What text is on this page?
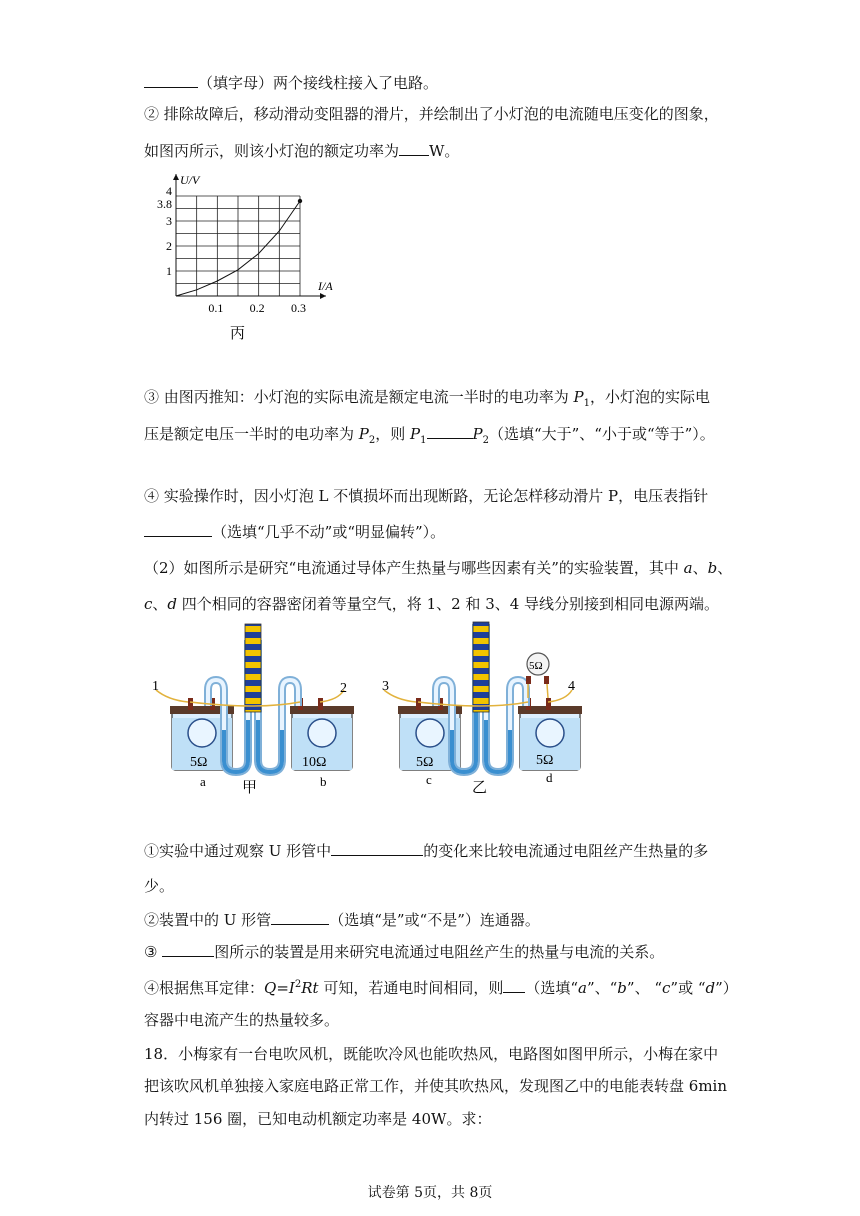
（填字母）两个接线柱接入了电路。
② 排除故障后，移动滑动变阻器的滑片，并绘制出了小灯泡的电流随电压变化的图象，
如图丙所示，则该小灯泡的额定功率为 W。
U/V
I/A
0.1 0.2 0.3
1
2
3
3.8
4
丙
③ 由图丙推知：小灯泡的实际电流是额定电流一半时的电功率为 $P_1$，小灯泡的实际电
压是额定电压一半时的电功率为 $P_2$，则 $P_1$	$P_2$（选填“大于”、“小于或“等于”）。
④ 实验操作时，因小灯泡 L 不慎损坏而出现断路，无论怎样移动滑片 P，电压表指针
（选填“几乎不动”或“明显偏转”）。
（2）如图所示是研究“电流通过导体产生热量与哪些因素有关”的实验装置，其中 a、b、
c、d 四个相同的容器密闭着等量空气，将 1、2 和 3、4 导线分别接到相同电源两端。
1	2
5Ω	10Ω
a	b
甲
5Ω
3	4
5Ω	5Ω
c	d
乙
①实验中通过观察 U 形管中	的变化来比较电流通过电阻丝产生热量的多
少。
②装置中的 U 形管	（选填“是”或“不是”）连通器。
③	图所示的装置是用来研究电流通过电阻丝产生的热量与电流的关系。
④根据焦耳定律：$Q=I^2Rt$ 可知，若通电时间相同，则 （选填“a”、“b”、 “c”或 “d”）
容器中电流产生的热量较多。
18．小梅家有一台电吹风机，既能吹冷风也能吹热风，电路图如图甲所示，小梅在家中
把该吹风机单独接入家庭电路正常工作，并使其吹热风，发现图乙中的电能表转盘 6min
内转过 156 圈，已知电动机额定功率是 40W。求：
试卷第 5页，共 8页
